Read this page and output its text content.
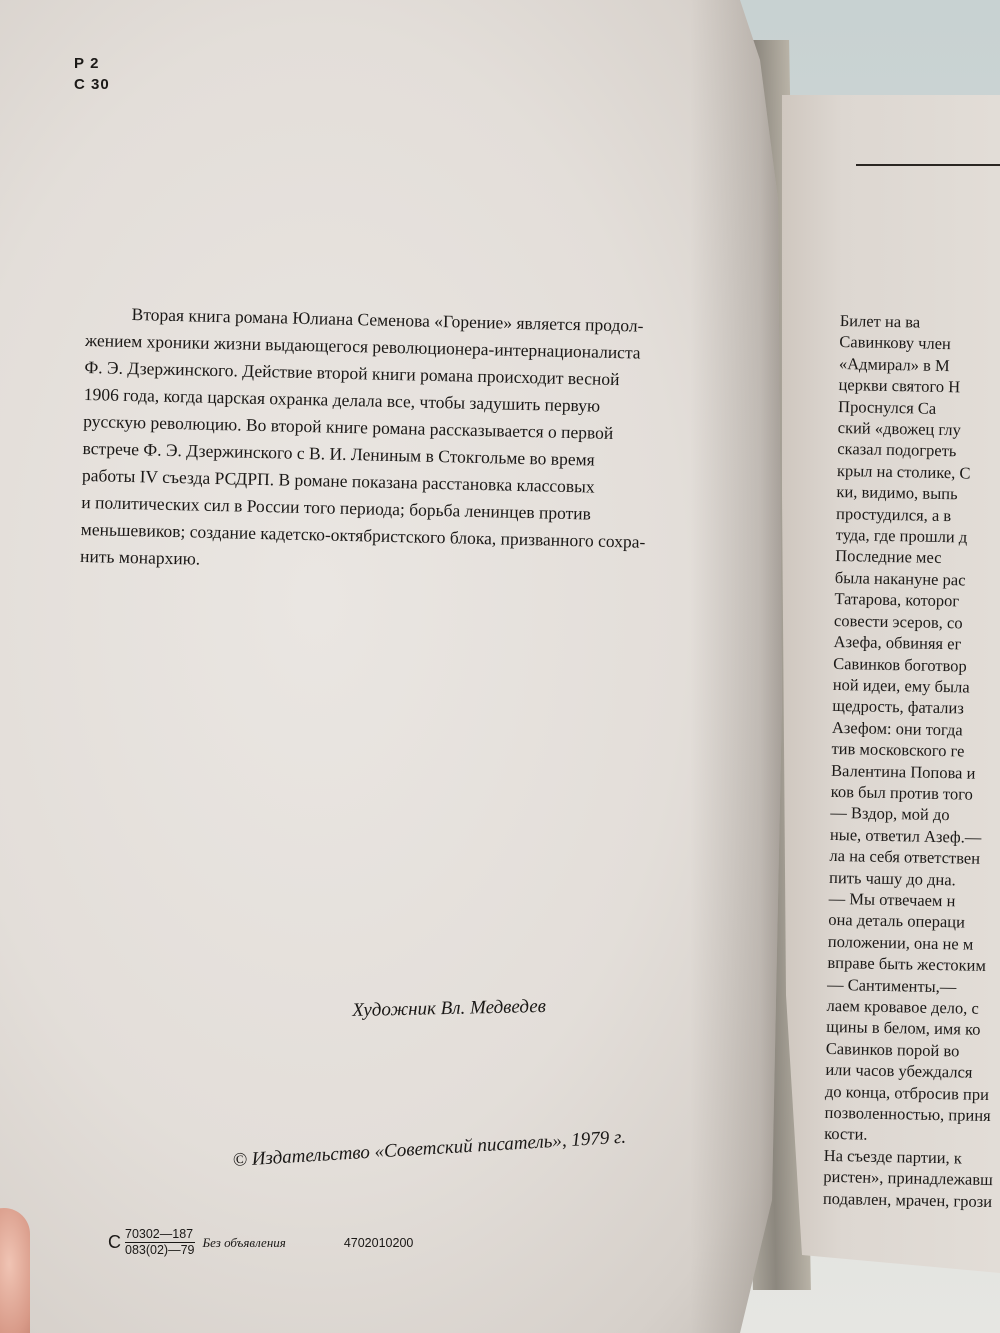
Билет на ва
Савинкову член
«Адмирал» в М
церкви святого Н
Проснулся Са
ский «двожец глу
сказал подогреть
крыл на столике, С
ки, видимо, выпь
простудился, а в
туда, где прошли д
Последние мес
была накануне рас
Татарова, которог
совести эсеров, со
Азефа, обвиняя ег
Савинков боготвор
ной идеи, ему была
щедрость, фатализ
Азефом: они тогда
тив московского ге
Валентина Попова и
ков был против того
— Вздор, мой до
ные, ответил Азеф.—
ла на себя ответствен
пить чашу до дна.
— Мы отвечаем н
она деталь операци
положении, она не м
вправе быть жестоким
— Сантименты,—
лаем кровавое дело, с
щины в белом, имя ко
Савинков порой во
или часов убеждался
до конца, отбросив при
позволенностью, приня
кости.
На съезде партии, к
ристен», принадлежавш
подавлен, мрачен, грози
Р 2
С 30
Вторая книга романа Юлиана Семенова «Горение» является продол-
жением хроники жизни выдающегося революционера-интернационалиста
Ф. Э. Дзержинского. Действие второй книги романа происходит весной
1906 года, когда царская охранка делала все, чтобы задушить первую
русскую революцию. Во второй книге романа рассказывается о первой
встрече Ф. Э. Дзержинского с В. И. Лениным в Стокгольме во время
работы IV съезда РСДРП. В романе показана расстановка классовых
и политических сил в России того периода; борьба ленинцев против
меньшевиков; создание кадетско-октябристского блока, призванного сохра-
нить монархию.
Художник Вл. Медведев
© Издательство «Советский писатель», 1979 г.
С $\frac{70302—187}{083(02)—79}$ Без объявления	4702010200
